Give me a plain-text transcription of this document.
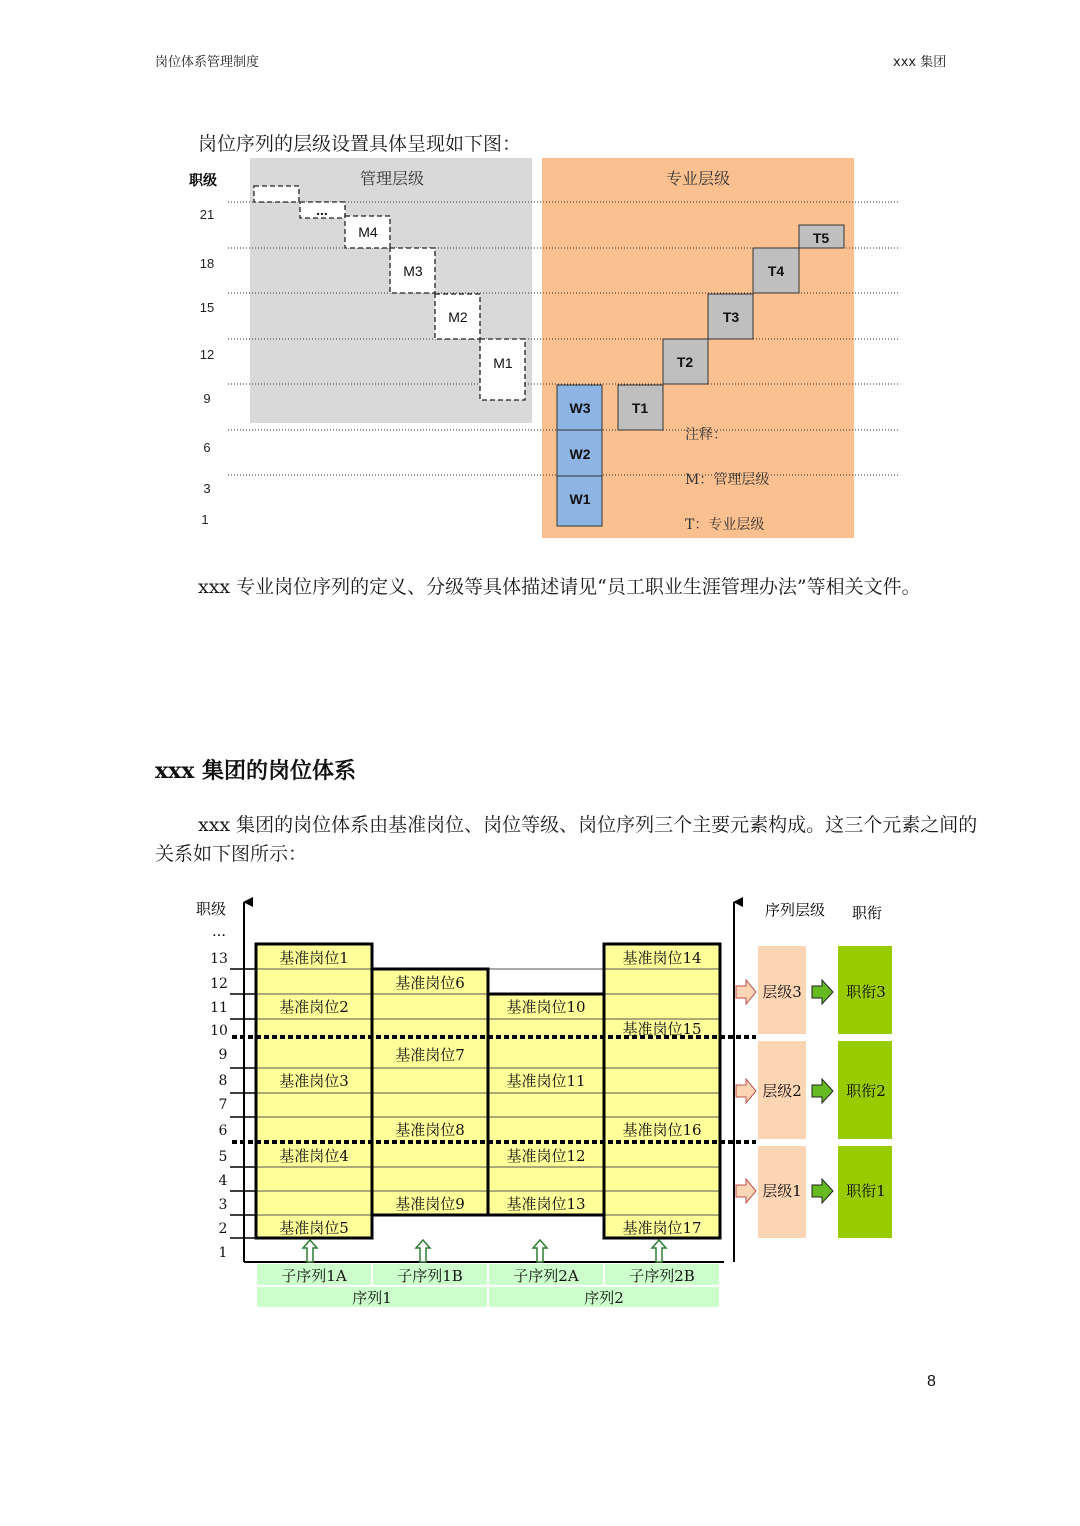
岗位体系管理制度	xxx 集团
岗位序列的层级设置具体呈现如下图：
职级	管理层级	专业层级
21
18
15
12
9
6
3
1
...
M4
M3
M2
M1
W3
W2
W1
T1
T2
T3
T4
T5
注释：
M：管理层级
T：专业层级
xxx 专业岗位序列的定义、分级等具体描述请见“员工职业生涯管理办法”等相关文件。
xxx 集团的岗位体系
xxx 集团的岗位体系由基准岗位、岗位等级、岗位序列三个主要元素构成。这三个元素之间的关系如下图所示：
职级
…
13
12
11
10
9
8
7
6
5
4
3
2
1
基准岗位1
基准岗位2
基准岗位3
基准岗位4
基准岗位5
基准岗位6
基准岗位7
基准岗位8
基准岗位9
基准岗位10
基准岗位11
基准岗位12
基准岗位13
基准岗位14
基准岗位15
基准岗位16
基准岗位17
子序列1A	子序列1B	子序列2A	子序列2B
序列1	序列2
序列层级 职衔
层级3
层级2
层级1
职衔3
职衔2
职衔1
8
